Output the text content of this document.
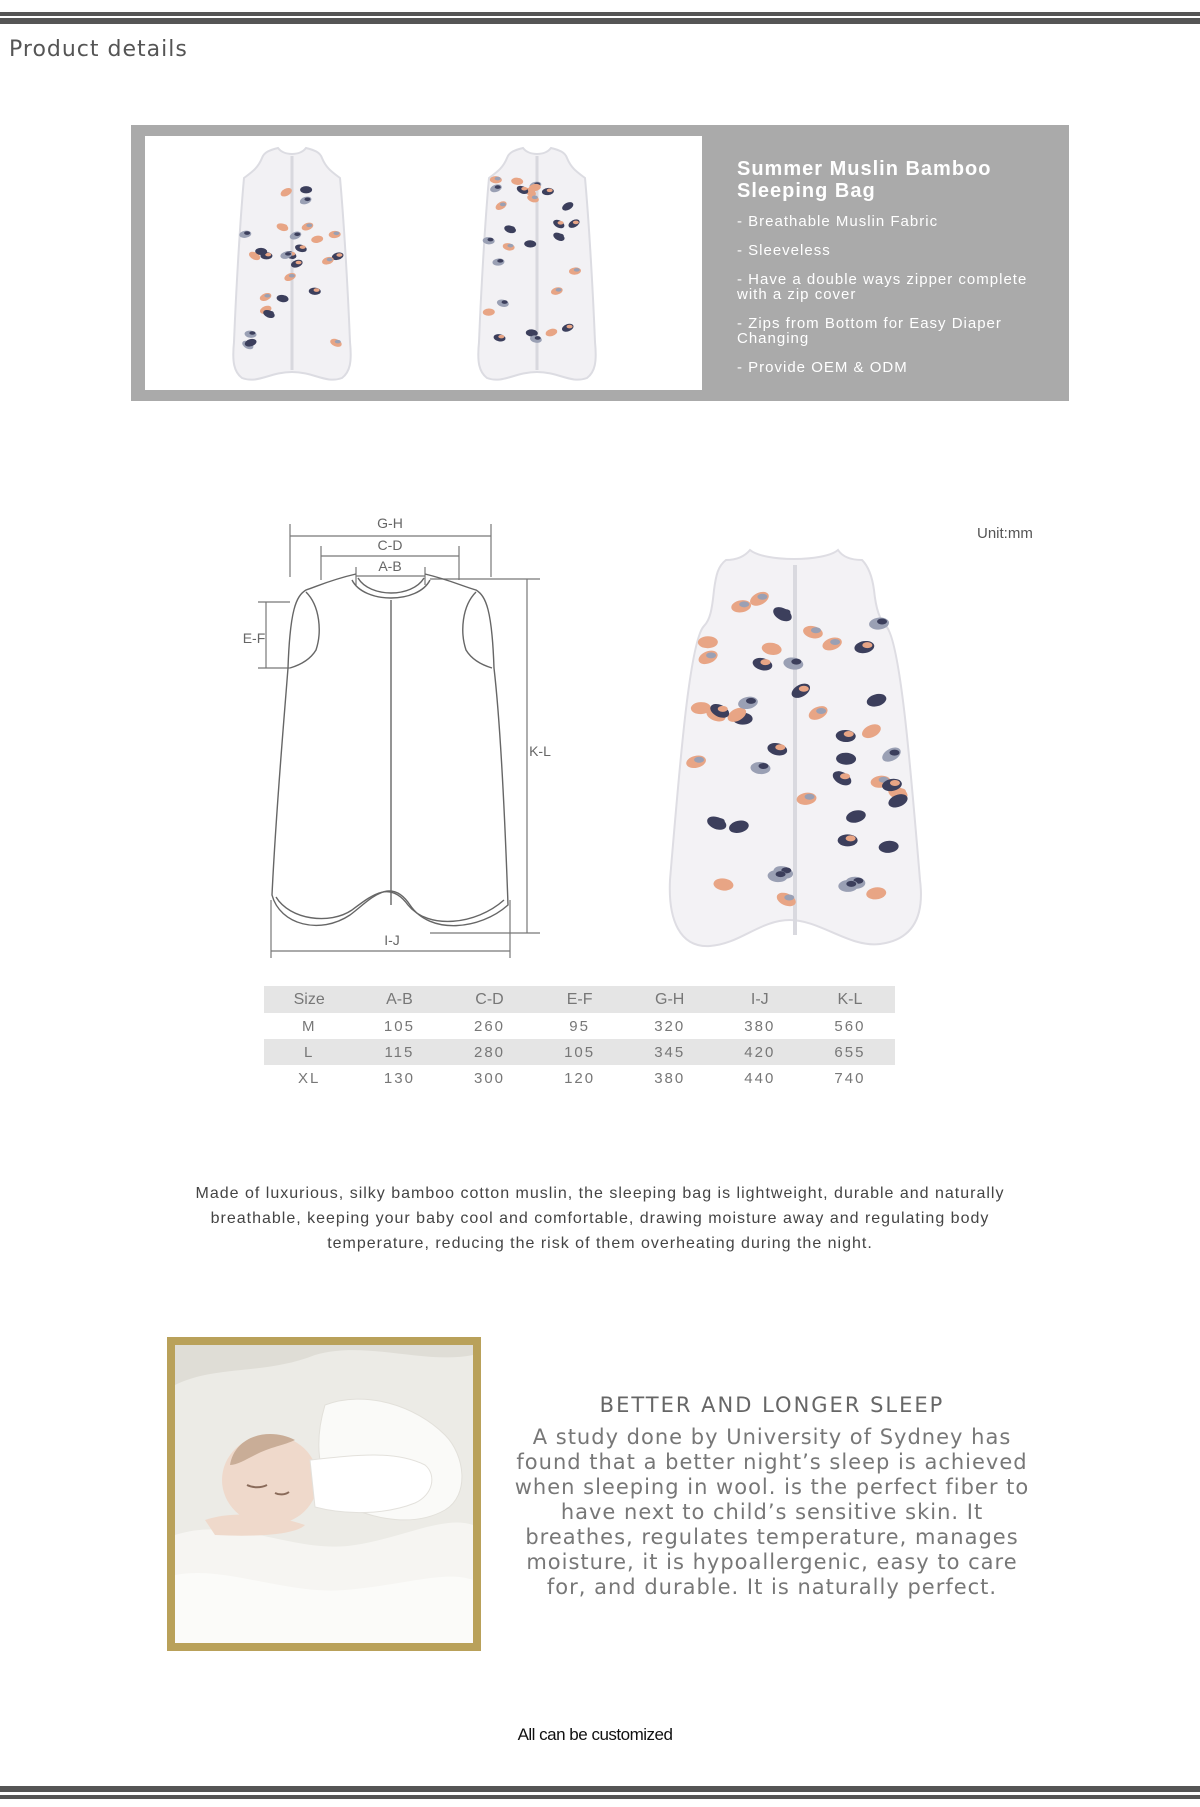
Product details
Summer Muslin Bamboo Sleeping Bag
- Breathable Muslin Fabric
- Sleeveless
- Have a double ways zipper complete with a zip cover
- Zips from Bottom for Easy Diaper Changing
- Provide OEM & ODM
G-H
C-D
A-B
E-F
K-L
I-J
Unit:mm
Size	A-B	C-D	E-F	G-H	I-J	K-L
M	105	260	95	320	380	560
L	115	280	105	345	420	655
XL	130	300	120	380	440	740
Made of luxurious, silky bamboo cotton muslin, the sleeping bag is lightweight, durable and naturally breathable, keeping your baby cool and comfortable, drawing moisture away and regulating body temperature, reducing the risk of them overheating during the night.
BETTER AND LONGER SLEEP
A study done by University of Sydney has found that a better night’s sleep is achieved when sleeping in wool. is the perfect fiber to have next to child’s sensitive skin. It breathes, regulates temperature, manages moisture, it is hypoallergenic, easy to care for, and durable. It is naturally perfect.
All can be customized
